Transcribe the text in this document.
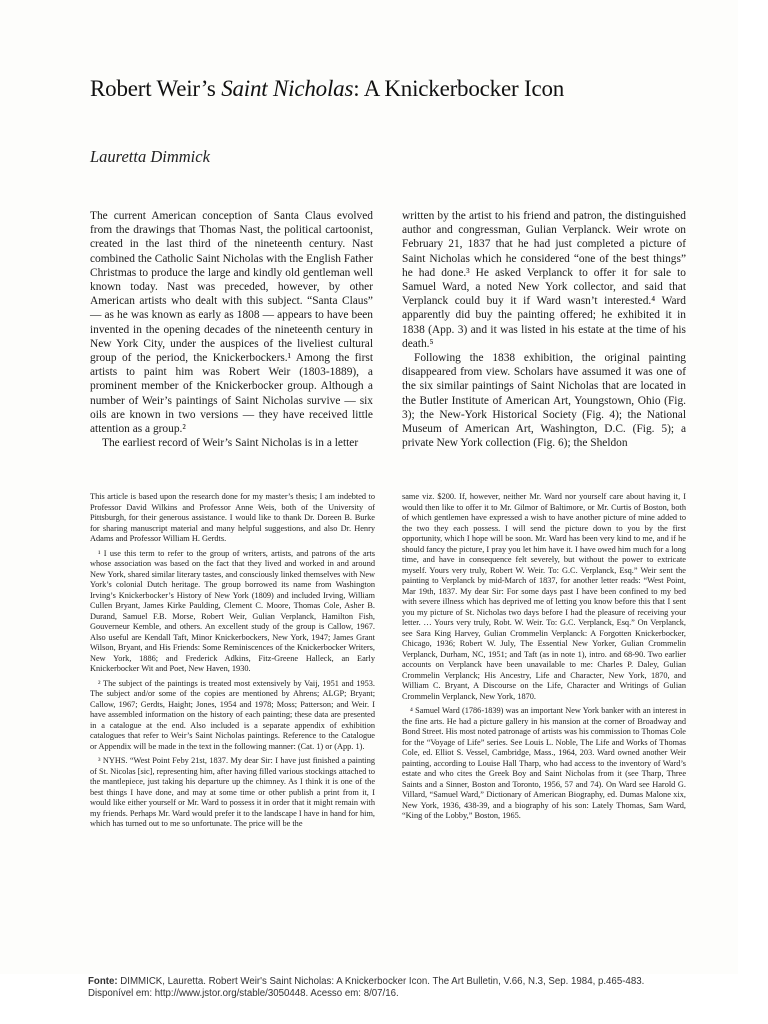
Robert Weir’s Saint Nicholas: A Knickerbocker Icon
Lauretta Dimmick

The current American conception of Santa Claus evolved from the drawings that Thomas Nast, the political cartoonist, created in the last third of the nineteenth century. Nast combined the Catholic Saint Nicholas with the English Father Christmas to produce the large and kindly old gentleman well known today. Nast was preceded, however, by other American artists who dealt with this subject. “Santa Claus” — as he was known as early as 1808 — appears to have been invented in the opening decades of the nineteenth century in New York City, under the auspices of the liveliest cultural group of the period, the Knickerbockers.¹ Among the first artists to paint him was Robert Weir (1803-1889), a prominent member of the Knickerbocker group. Although a number of Weir’s paintings of Saint Nicholas survive — six oils are known in two versions — they have received little attention as a group.²

The earliest record of Weir’s Saint Nicholas is in a letter

written by the artist to his friend and patron, the distinguished author and congressman, Gulian Verplanck. Weir wrote on February 21, 1837 that he had just completed a picture of Saint Nicholas which he considered “one of the best things” he had done.³ He asked Verplanck to offer it for sale to Samuel Ward, a noted New York collector, and said that Verplanck could buy it if Ward wasn’t interested.⁴ Ward apparently did buy the painting offered; he exhibited it in 1838 (App. 3) and it was listed in his estate at the time of his death.⁵

Following the 1838 exhibition, the original painting disappeared from view. Scholars have assumed it was one of the six similar paintings of Saint Nicholas that are located in the Butler Institute of American Art, Youngstown, Ohio (Fig. 3); the New-York Historical Society (Fig. 4); the National Museum of American Art, Washington, D.C. (Fig. 5); a private New York collection (Fig. 6); the Sheldon

This article is based upon the research done for my master’s thesis; I am indebted to Professor David Wilkins and Professor Anne Weis, both of the University of Pittsburgh, for their generous assistance. I would like to thank Dr. Doreen B. Burke for sharing manuscript material and many helpful suggestions, and also Dr. Henry Adams and Professor William H. Gerdts.

¹ I use this term to refer to the group of writers, artists, and patrons of the arts whose association was based on the fact that they lived and worked in and around New York, shared similar literary tastes, and consciously linked themselves with New York’s colonial Dutch heritage. The group borrowed its name from Washington Irving’s Knickerbocker’s History of New York (1809) and included Irving, William Cullen Bryant, James Kirke Paulding, Clement C. Moore, Thomas Cole, Asher B. Durand, Samuel F.B. Morse, Robert Weir, Gulian Verplanck, Hamilton Fish, Gouverneur Kemble, and others. An excellent study of the group is Callow, 1967. Also useful are Kendall Taft, Minor Knickerbockers, New York, 1947; James Grant Wilson, Bryant, and His Friends: Some Reminiscences of the Knickerbocker Writers, New York, 1886; and Frederick Adkins, Fitz-Greene Halleck, an Early Knickerbocker Wit and Poet, New Haven, 1930.

² The subject of the paintings is treated most extensively by Vaij, 1951 and 1953. The subject and/or some of the copies are mentioned by Ahrens; ALGP; Bryant; Callow, 1967; Gerdts, Haight; Jones, 1954 and 1978; Moss; Patterson; and Weir. I have assembled information on the history of each painting; these data are presented in a catalogue at the end. Also included is a separate appendix of exhibition catalogues that refer to Weir’s Saint Nicholas paintings. Reference to the Catalogue or Appendix will be made in the text in the following manner: (Cat. 1) or (App. 1).

³ NYHS. “West Point Feby 21st, 1837. My dear Sir: I have just finished a painting of St. Nicolas [sic], representing him, after having filled various stockings attached to the mantlepiece, just taking his departure up the chimney. As I think it is one of the best things I have done, and may at some time or other publish a print from it, I would like either yourself or Mr. Ward to possess it in order that it might remain with my friends. Perhaps Mr. Ward would prefer it to the landscape I have in hand for him, which has turned out to me so unfortunate. The price will be the

same viz. $200. If, however, neither Mr. Ward nor yourself care about having it, I would then like to offer it to Mr. Gilmor of Baltimore, or Mr. Curtis of Boston, both of which gentlemen have expressed a wish to have another picture of mine added to the two they each possess. I will send the picture down to you by the first opportunity, which I hope will be soon. Mr. Ward has been very kind to me, and if he should fancy the picture, I pray you let him have it. I have owed him much for a long time, and have in consequence felt severely, but without the power to extricate myself. Yours very truly, Robert W. Weir. To: G.C. Verplanck, Esq.” Weir sent the painting to Verplanck by mid-March of 1837, for another letter reads: “West Point, Mar 19th, 1837. My dear Sir: For some days past I have been confined to my bed with severe illness which has deprived me of letting you know before this that I sent you my picture of St. Nicholas two days before I had the pleasure of receiving your letter. … Yours very truly, Robt. W. Weir. To: G.C. Verplanck, Esq.” On Verplanck, see Sara King Harvey, Gulian Crommelin Verplanck: A Forgotten Knickerbocker, Chicago, 1936; Robert W. July, The Essential New Yorker, Gulian Crommelin Verplanck, Durham, NC, 1951; and Taft (as in note 1), intro. and 68-90. Two earlier accounts on Verplanck have been unavailable to me: Charles P. Daley, Gulian Crommelin Verplanck; His Ancestry, Life and Character, New York, 1870, and William C. Bryant, A Discourse on the Life, Character and Writings of Gulian Crommelin Verplanck, New York, 1870.

⁴ Samuel Ward (1786-1839) was an important New York banker with an interest in the fine arts. He had a picture gallery in his mansion at the corner of Broadway and Bond Street. His most noted patronage of artists was his commission to Thomas Cole for the “Voyage of Life” series. See Louis L. Noble, The Life and Works of Thomas Cole, ed. Elliot S. Vessel, Cambridge, Mass., 1964, 203. Ward owned another Weir painting, according to Louise Hall Tharp, who had access to the inventory of Ward’s estate and who cites the Greek Boy and Saint Nicholas from it (see Tharp, Three Saints and a Sinner, Boston and Toronto, 1956, 57 and 74). On Ward see Harold G. Villard, “Samuel Ward,” Dictionary of American Biography, ed. Dumas Malone xix, New York, 1936, 438-39, and a biography of his son: Lately Thomas, Sam Ward, “King of the Lobby,” Boston, 1965.

Fonte: DIMMICK, Lauretta. Robert Weir's Saint Nicholas: A Knickerbocker Icon. The Art Bulletin, V.66, N.3, Sep. 1984, p.465-483.
Disponível em: http://www.jstor.org/stable/3050448. Acesso em: 8/07/16.
